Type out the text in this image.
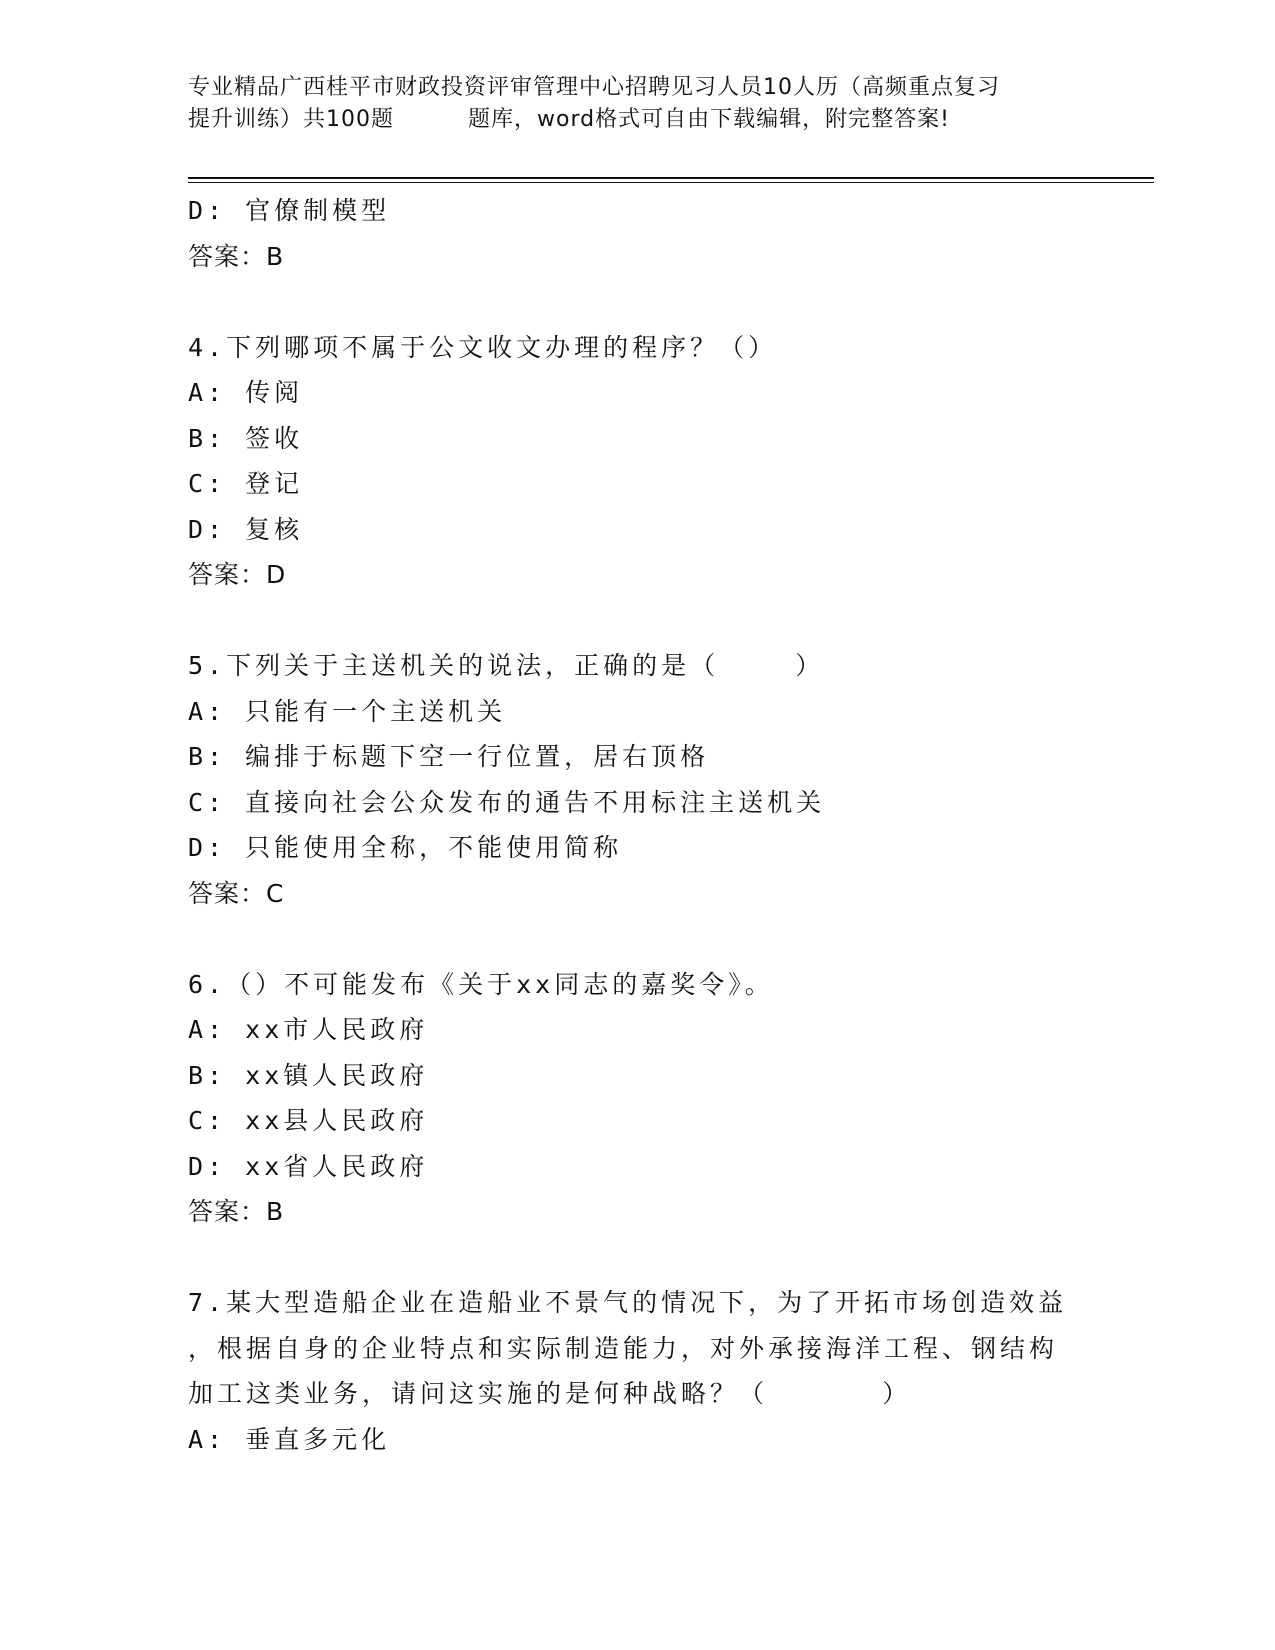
专业精品广西桂平市财政投资评审管理中心招聘见习人员10人历（高频重点复习
提升训练）共100题	题库，word格式可自由下载编辑，附完整答案!
D: 官僚制模型
答案：B
4.下列哪项不属于公文收文办理的程序？（）
A: 传阅
B: 签收
C: 登记
D: 复核
答案：D
5.下列关于主送机关的说法，正确的是（    ）
A: 只能有一个主送机关
B: 编排于标题下空一行位置，居右顶格
C: 直接向社会公众发布的通告不用标注主送机关
D: 只能使用全称，不能使用简称
答案：C
6.（）不可能发布《关于xx同志的嘉奖令》。
A: xx市人民政府
B: xx镇人民政府
C: xx县人民政府
D: xx省人民政府
答案：B
7.某大型造船企业在造船业不景气的情况下，为了开拓市场创造效益
，根据自身的企业特点和实际制造能力，对外承接海洋工程、钢结构
加工这类业务，请问这实施的是何种战略？（      ）
A: 垂直多元化
